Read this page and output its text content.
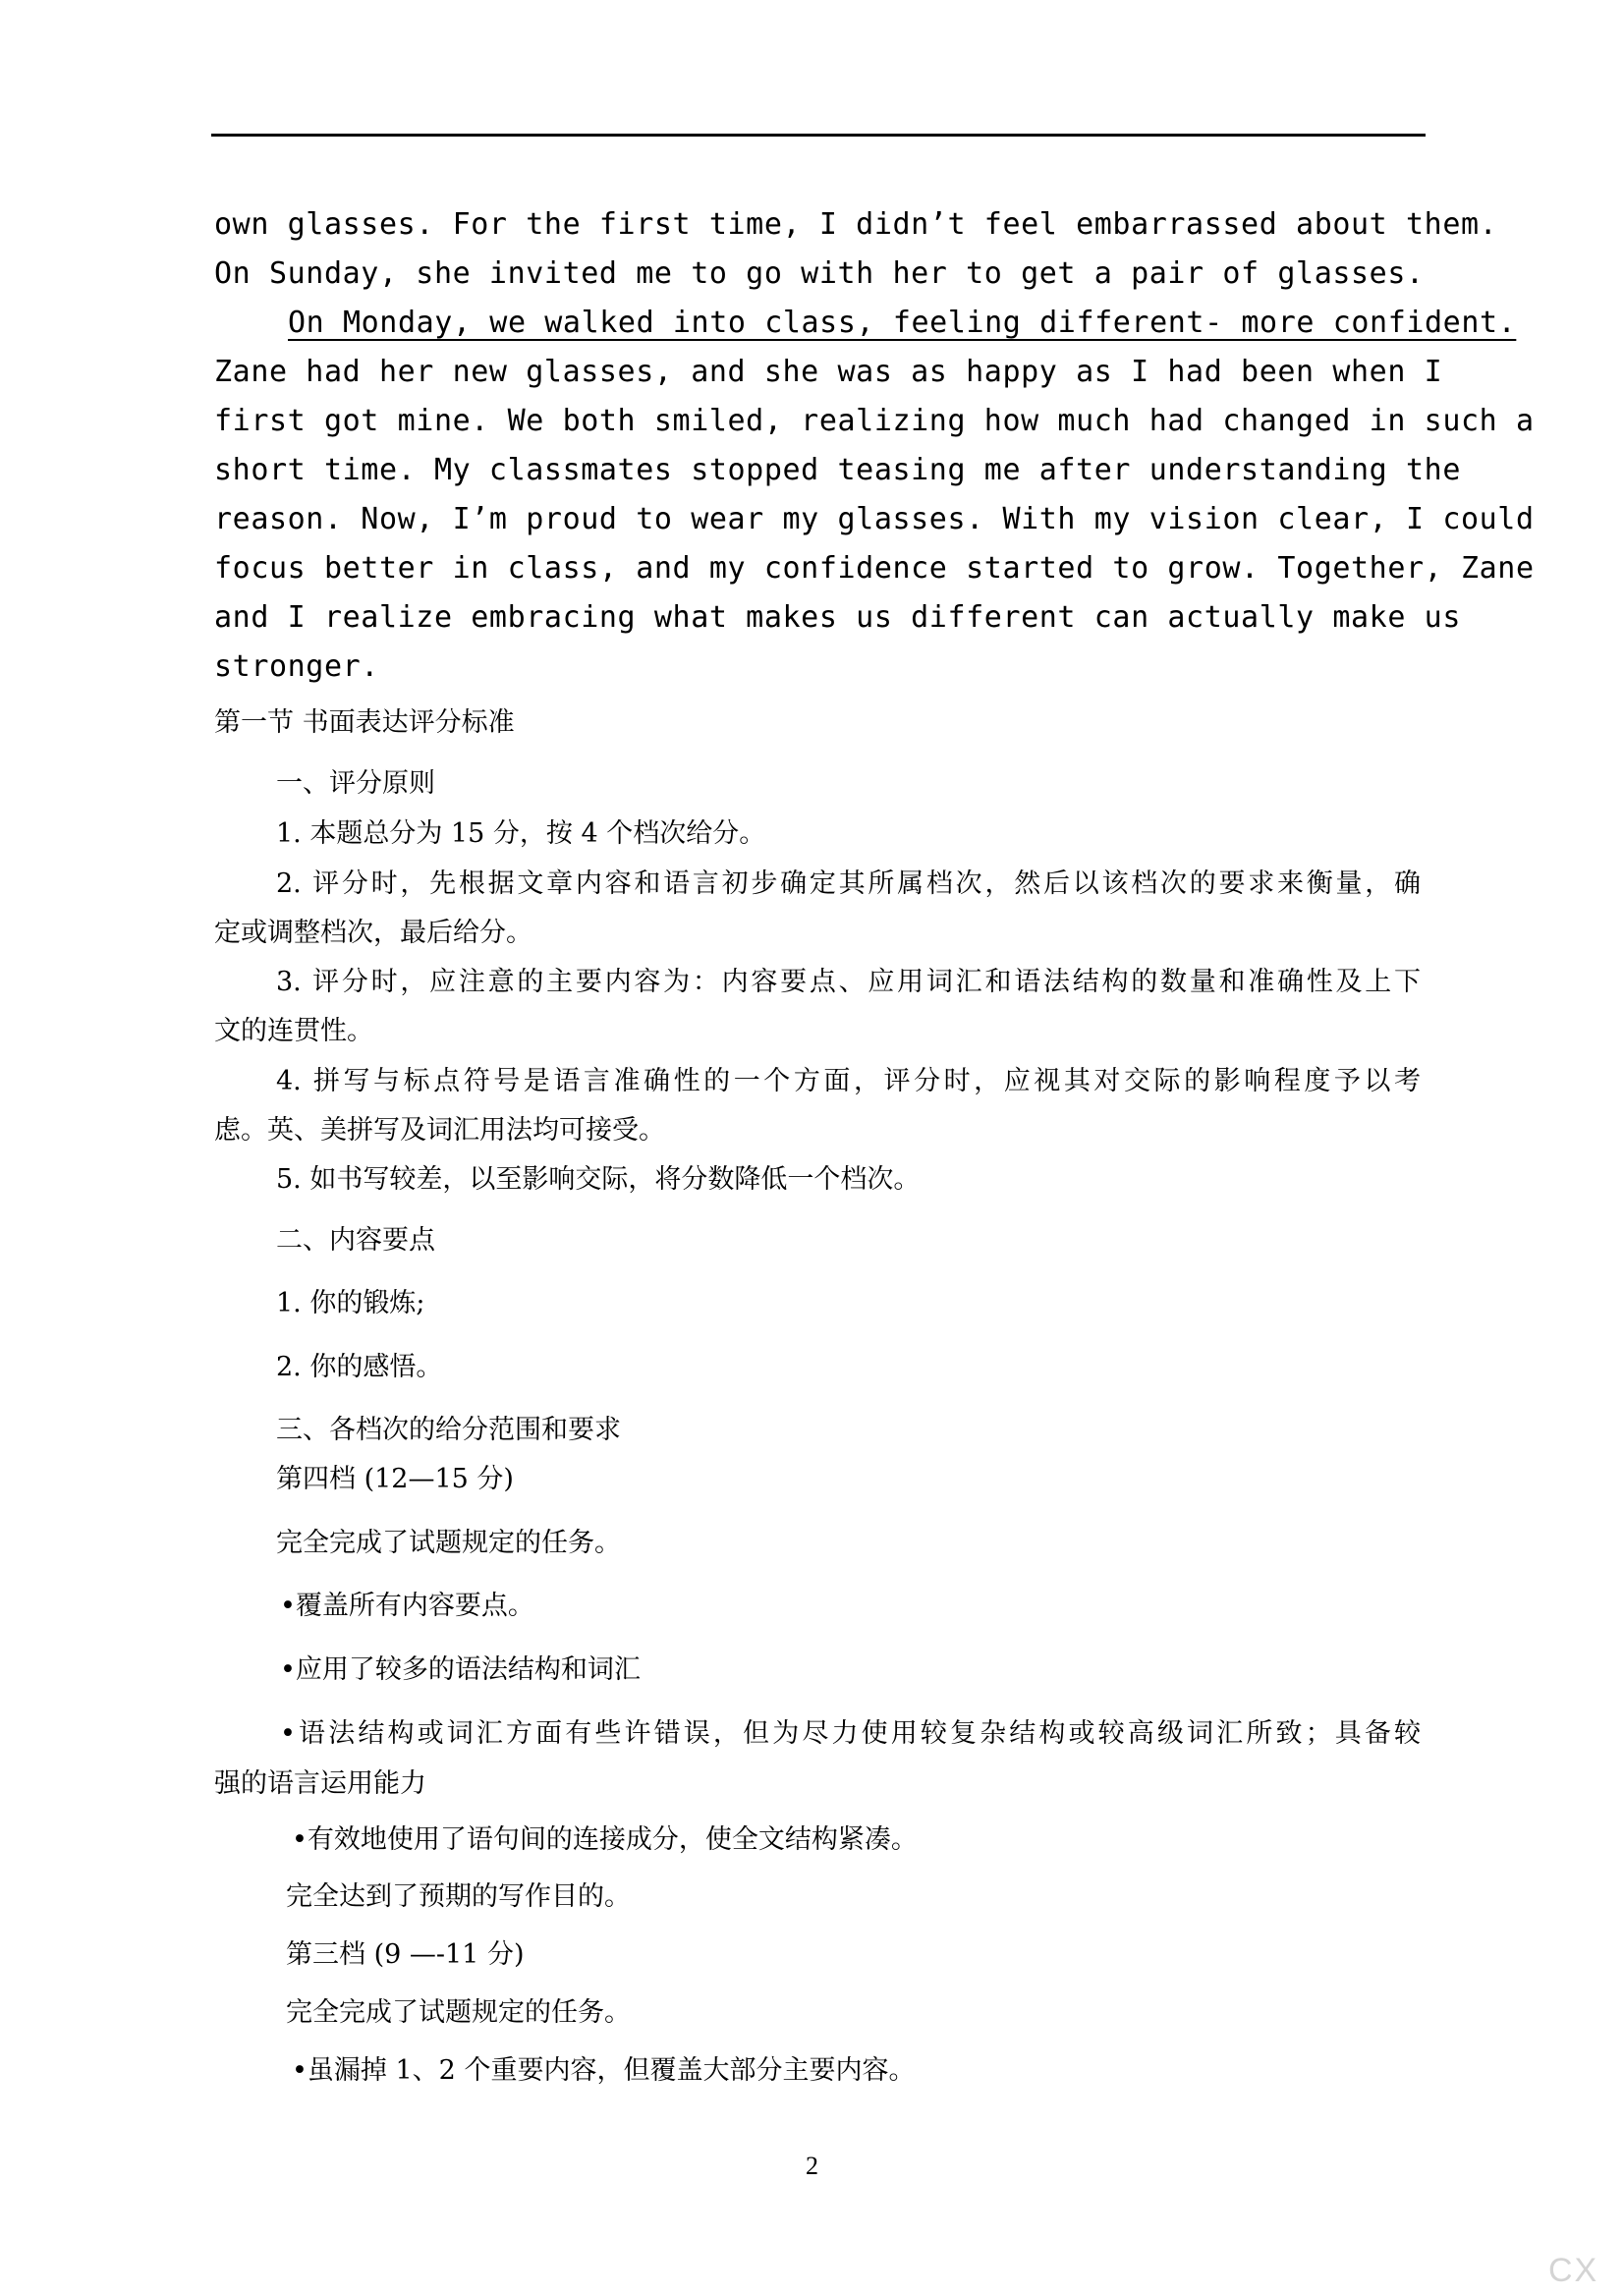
own glasses. For the first time, I didn’t feel embarrassed about them.
On Sunday, she invited me to go with her to get a pair of glasses.
On Monday, we walked into class, feeling different- more confident.
Zane had her new glasses, and she was as happy as I had been when I
first got mine. We both smiled, realizing how much had changed in such a
short time. My classmates stopped teasing me after understanding the
reason. Now, I’m proud to wear my glasses. With my vision clear, I could
focus better in class, and my confidence started to grow. Together, Zane
and I realize embracing what makes us different can actually make us
stronger.
第一节 书面表达评分标准
一、评分原则
1. 本题总分为 15 分，按 4 个档次给分。
2. 评分时，先根据文章内容和语言初步确定其所属档次，然后以该档次的要求来衡量，确
定或调整档次，最后给分。
3. 评分时，应注意的主要内容为：内容要点、应用词汇和语法结构的数量和准确性及上下
文的连贯性。
4. 拼写与标点符号是语言准确性的一个方面，评分时，应视其对交际的影响程度予以考
虑。英、美拼写及词汇用法均可接受。
5. 如书写较差，以至影响交际，将分数降低一个档次。
二、内容要点
1. 你的锻炼;
2. 你的感悟。
三、各档次的给分范围和要求
第四档 (12—15 分)
完全完成了试题规定的任务。
•覆盖所有内容要点。
•应用了较多的语法结构和词汇
•语法结构或词汇方面有些许错误，但为尽力使用较复杂结构或较高级词汇所致；具备较
强的语言运用能力
•有效地使用了语句间的连接成分，使全文结构紧凑。
完全达到了预期的写作目的。
第三档 (9 —-11 分)
完全完成了试题规定的任务。
•虽漏掉 1、2 个重要内容，但覆盖大部分主要内容。
2
CX
